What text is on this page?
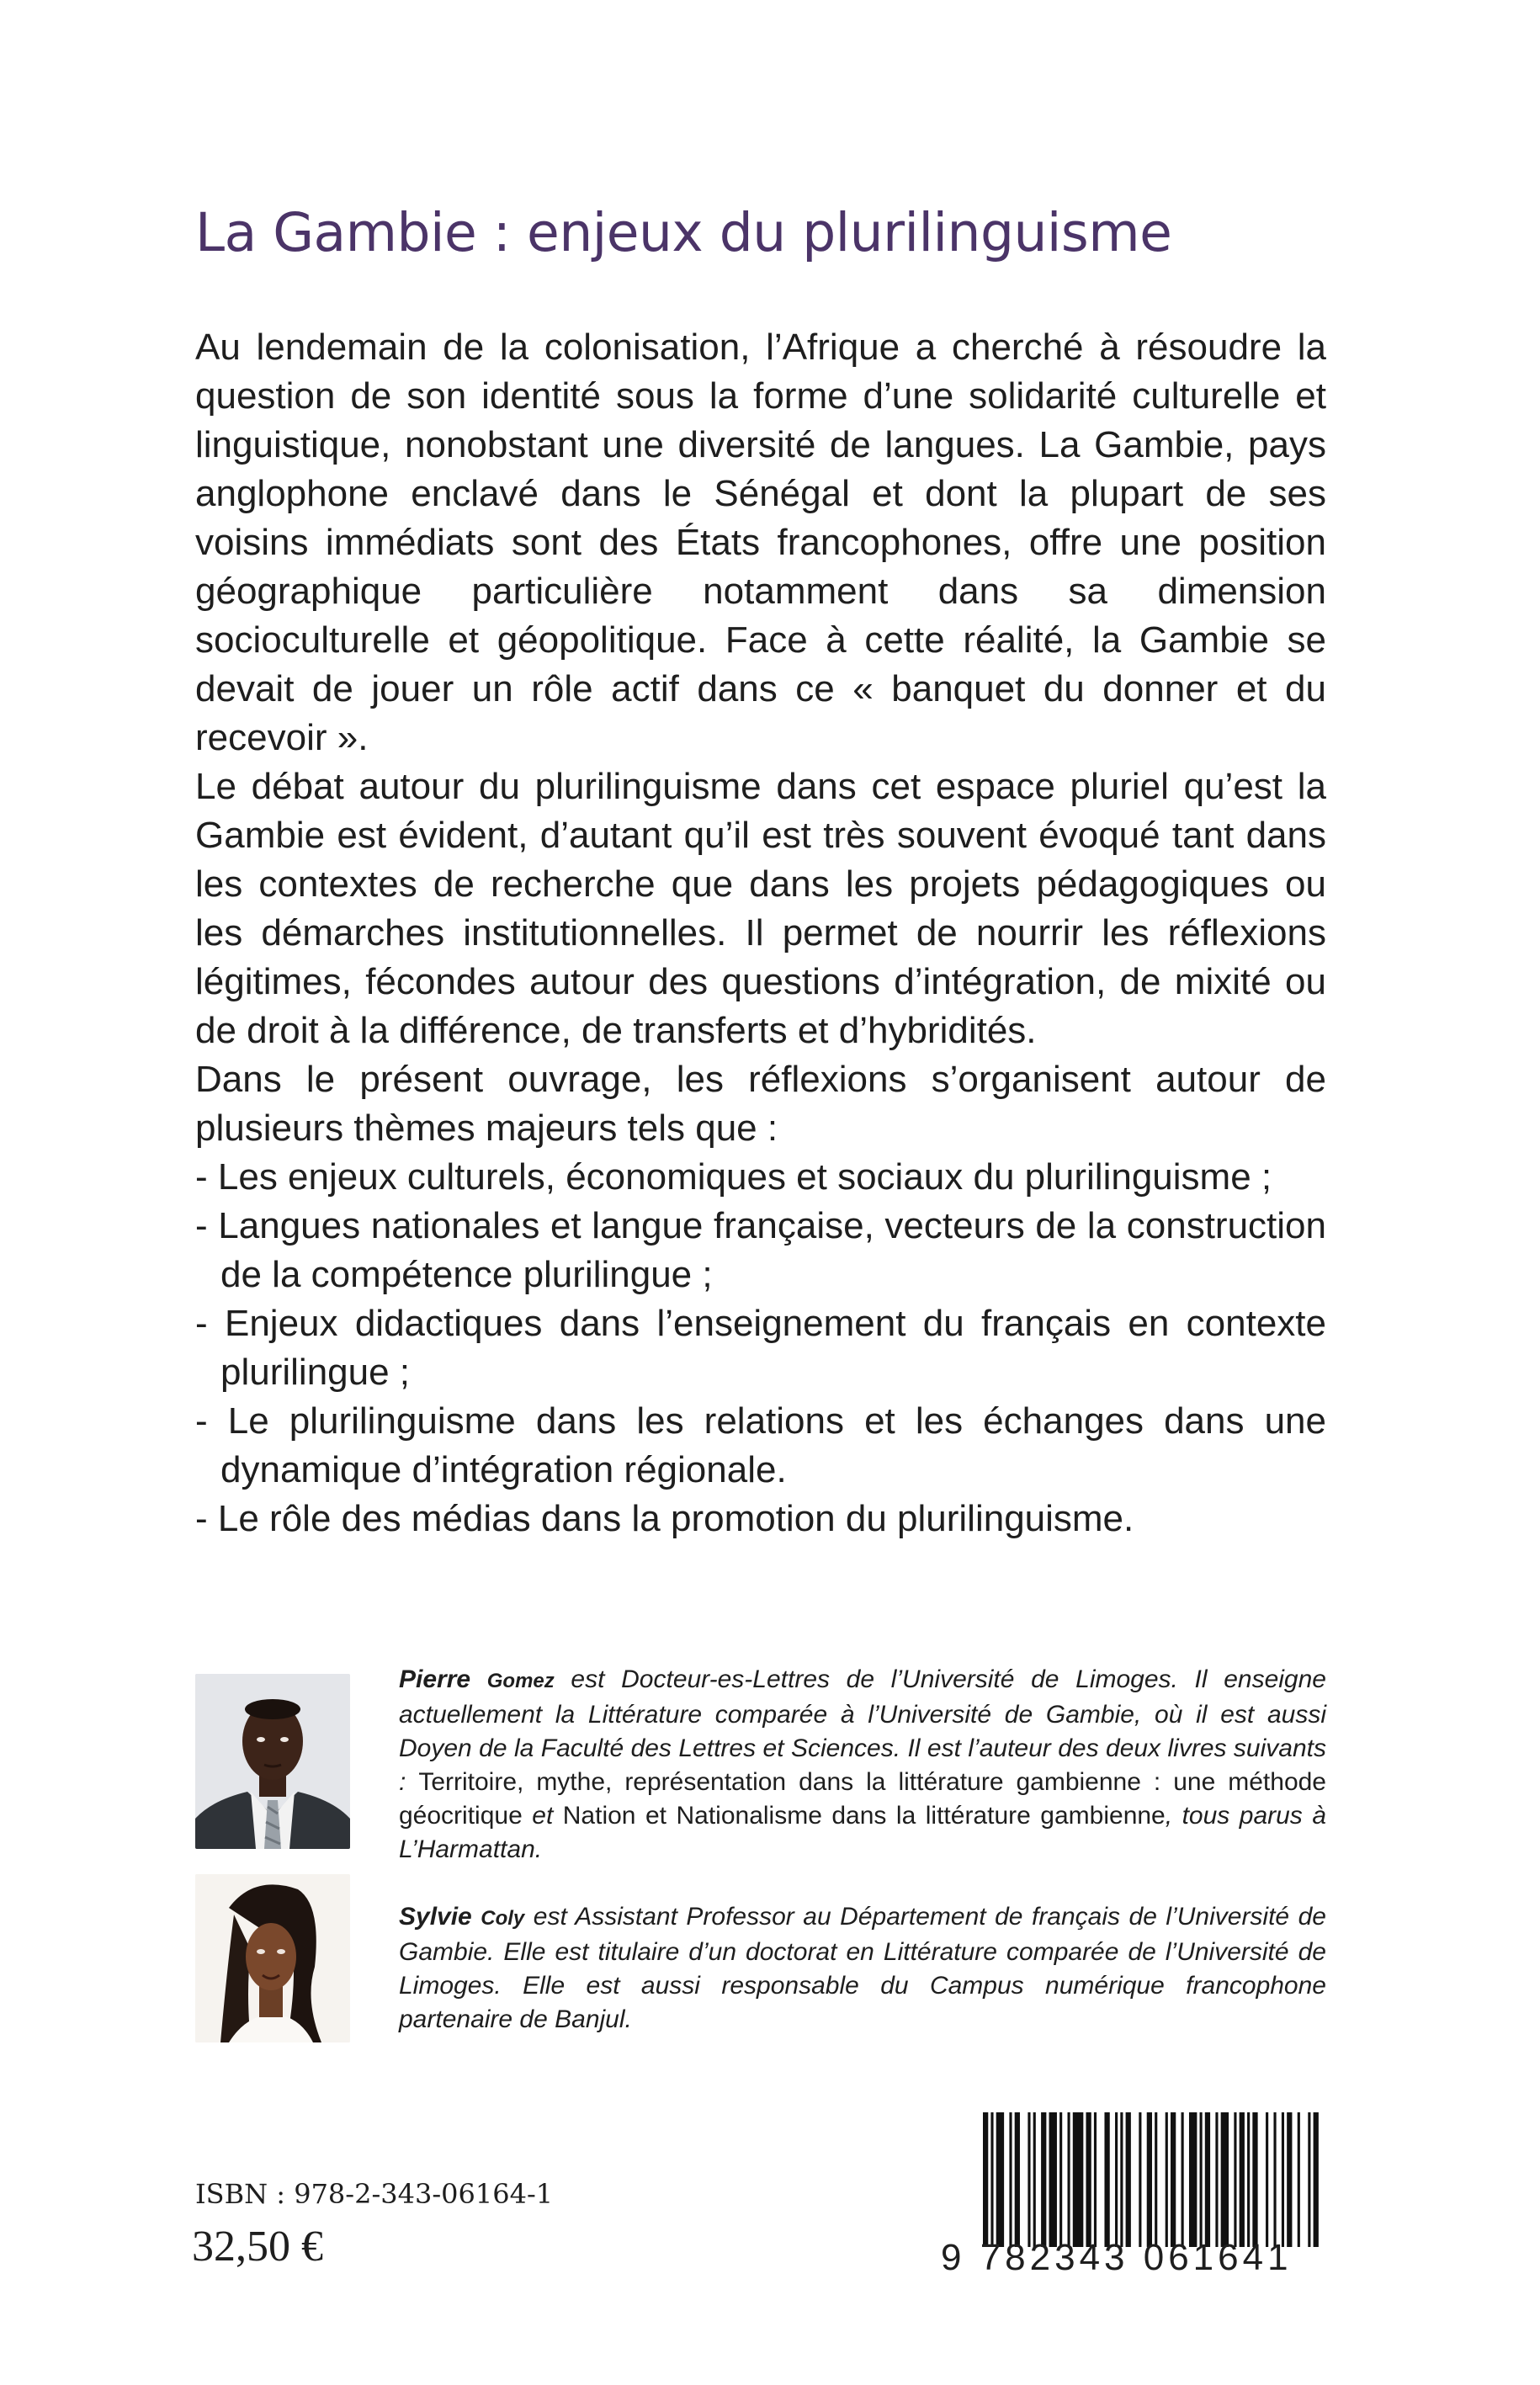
La Gambie : enjeux du plurilinguisme

Au lendemain de la colonisation, l’Afrique a cherché à résoudre la question de son identité sous la forme d’une solidarité culturelle et linguistique, nonobstant une diversité de langues. La Gambie, pays anglophone enclavé dans le Sénégal et dont la plupart de ses voisins immédiats sont des États francophones, offre une position géographique particulière notamment dans sa dimension socioculturelle et géopolitique. Face à cette réalité, la Gambie se devait de jouer un rôle actif dans ce « banquet du donner et du recevoir ».

Le débat autour du plurilinguisme dans cet espace pluriel qu’est la Gambie est évident, d’autant qu’il est très souvent évoqué tant dans les contextes de recherche que dans les projets pédagogiques ou les démarches institutionnelles. Il permet de nourrir les réflexions légitimes, fécondes autour des questions d’intégration, de mixité ou de droit à la différence, de transferts et d’hybridités.

Dans le présent ouvrage, les réflexions s’organisent autour de plusieurs thèmes majeurs tels que :

- Les enjeux culturels, économiques et sociaux du plurilinguisme ;
- Langues nationales et langue française, vecteurs de la construction de la compétence plurilingue ;
- Enjeux didactiques dans l’enseignement du français en contexte plurilingue ;
- Le plurilinguisme dans les relations et les échanges dans une dynamique d’intégration régionale.
- Le rôle des médias dans la promotion du plurilinguisme.

Pierre Gomez est Docteur-es-Lettres de l’Université de Limoges. Il enseigne actuellement la Littérature comparée à l’Université de Gambie, où il est aussi Doyen de la Faculté des Lettres et Sciences. Il est l’auteur des deux livres suivants : Territoire, mythe, représentation dans la littérature gambienne : une méthode géocritique et Nation et Nationalisme dans la littérature gambienne, tous parus à L’Harmattan.

Sylvie Coly est Assistant Professor au Département de français de l’Université de Gambie. Elle est titulaire d’un doctorat en Littérature comparée de l’Université de Limoges. Elle est aussi responsable du Campus numérique francophone partenaire de Banjul.

ISBN : 978-2-343-06164-1

32,50 €	9 782343 061641
